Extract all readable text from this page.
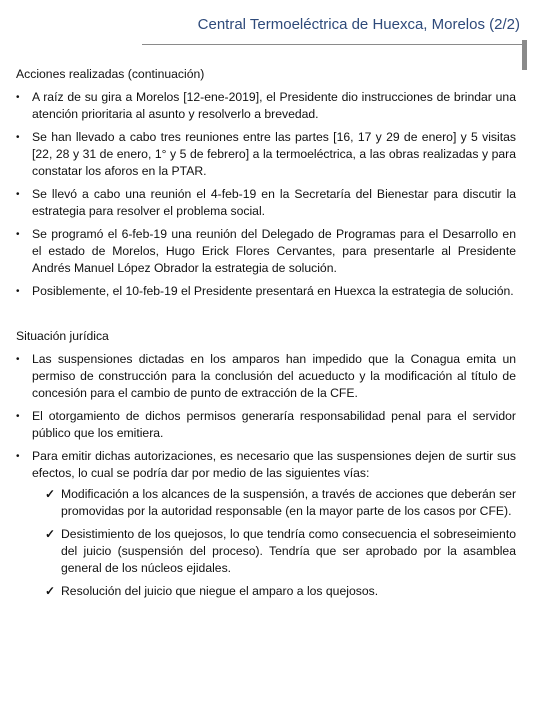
Central Termoeléctrica de Huexca, Morelos (2/2)
Acciones realizadas (continuación)
• A raíz de su gira a Morelos [12-ene-2019], el Presidente dio instrucciones de brindar una atención prioritaria al asunto y resolverlo a brevedad.
• Se han llevado a cabo tres reuniones entre las partes [16, 17 y 29 de enero] y 5 visitas [22, 28 y 31 de enero, 1° y 5 de febrero] a la termoeléctrica, a las obras realizadas y para constatar los aforos en la PTAR.
• Se llevó a cabo una reunión el 4-feb-19 en la Secretaría del Bienestar para discutir la estrategia para resolver el problema social.
• Se programó el 6-feb-19 una reunión del Delegado de Programas para el Desarrollo en el estado de Morelos, Hugo Erick Flores Cervantes, para presentarle al Presidente Andrés Manuel López Obrador la estrategia de solución.
• Posiblemente, el 10-feb-19 el Presidente presentará en Huexca la estrategia de solución.
Situación jurídica
• Las suspensiones dictadas en los amparos han impedido que la Conagua emita un permiso de construcción para la conclusión del acueducto y la modificación al título de concesión para el cambio de punto de extracción de la CFE.
• El otorgamiento de dichos permisos generaría responsabilidad penal para el servidor público que los emitiera.
• Para emitir dichas autorizaciones, es necesario que las suspensiones dejen de surtir sus efectos, lo cual se podría dar por medio de las siguientes vías:
✓ Modificación a los alcances de la suspensión, a través de acciones que deberán ser promovidas por la autoridad responsable (en la mayor parte de los casos por CFE).
✓ Desistimiento de los quejosos, lo que tendría como consecuencia el sobreseimiento del juicio (suspensión del proceso). Tendría que ser aprobado por la asamblea general de los núcleos ejidales.
✓ Resolución del juicio que niegue el amparo a los quejosos.
